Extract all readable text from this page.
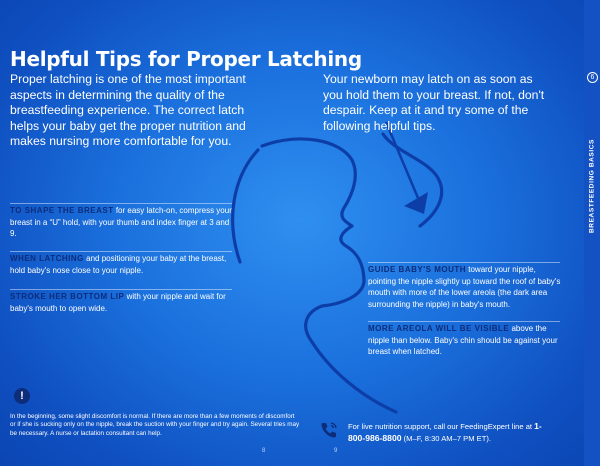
6
BREASTFEEDING BASICS
Helpful Tips for Proper Latching
Proper latching is one of the most important aspects in determining the quality of the breastfeeding experience. The correct latch helps your baby get the proper nutrition and makes nursing more comfortable for you.
Your newborn may latch on as soon as you hold them to your breast. If not, don't despair. Keep at it and try some of the following helpful tips.
TO SHAPE THE BREAST for easy latch-on, compress your breast in a “U” hold, with your thumb and index finger at 3 and 9.
WHEN LATCHING and positioning your baby at the breast, hold baby's nose close to your nipple.
STROKE HER BOTTOM LIP with your nipple and wait for baby's mouth to open wide.
GUIDE BABY'S MOUTH toward your nipple, pointing the nipple slightly up toward the roof of baby's mouth with more of the lower areola (the dark area surrounding the nipple) in baby's mouth.
MORE AREOLA WILL BE VISIBLE above the nipple than below. Baby's chin should be against your breast when latched.
!
In the beginning, some slight discomfort is normal. If there are more than a few moments of discomfort or if she is sucking only on the nipple, break the suction with your finger and try again. Several tries may be necessary. A nurse or lactation consultant can help.
For live nutrition support, call our FeedingExpert line at 1-800-986-8800 (M–F, 8:30 AM–7 PM ET).
8	9
